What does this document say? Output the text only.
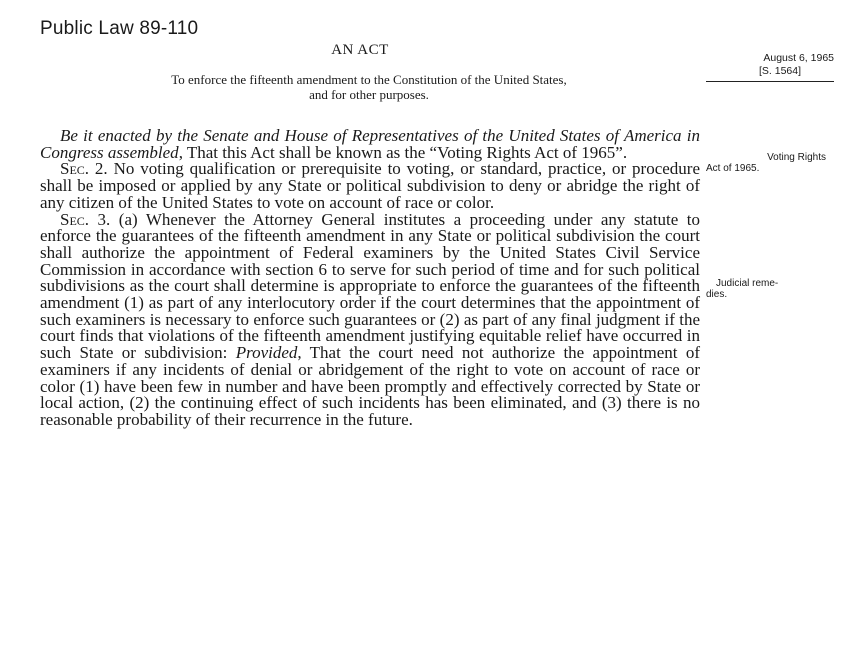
Public Law 89-110
AN ACT
To enforce the fifteenth amendment to the Constitution of the United States,
and for other purposes.
August 6, 1965
[S. 1564]
Voting Rights
Act of 1965.
Judicial reme-
dies.

Be it enacted by the Senate and House of Representatives of the United States of America in Congress assembled, That this Act shall be known as the “Voting Rights Act of 1965”.

Sec. 2. No voting qualification or prerequisite to voting, or standard, practice, or procedure shall be imposed or applied by any State or political subdivision to deny or abridge the right of any citizen of the United States to vote on account of race or color.

Sec. 3. (a) Whenever the Attorney General institutes a proceeding under any statute to enforce the guarantees of the fifteenth amendment in any State or political subdivision the court shall authorize the appointment of Federal examiners by the United States Civil Service Commission in accordance with section 6 to serve for such period of time and for such political subdivisions as the court shall determine is appropriate to enforce the guarantees of the fifteenth amendment (1) as part of any interlocutory order if the court determines that the appointment of such examiners is necessary to enforce such guarantees or (2) as part of any final judgment if the court finds that violations of the fifteenth amendment justifying equitable relief have occurred in such State or subdivision: Provided, That the court need not authorize the appointment of examiners if any incidents of denial or abridgement of the right to vote on account of race or color (1) have been few in number and have been promptly and effectively corrected by State or local action, (2) the continuing effect of such incidents has been eliminated, and (3) there is no reasonable probability of their recurrence in the future.
